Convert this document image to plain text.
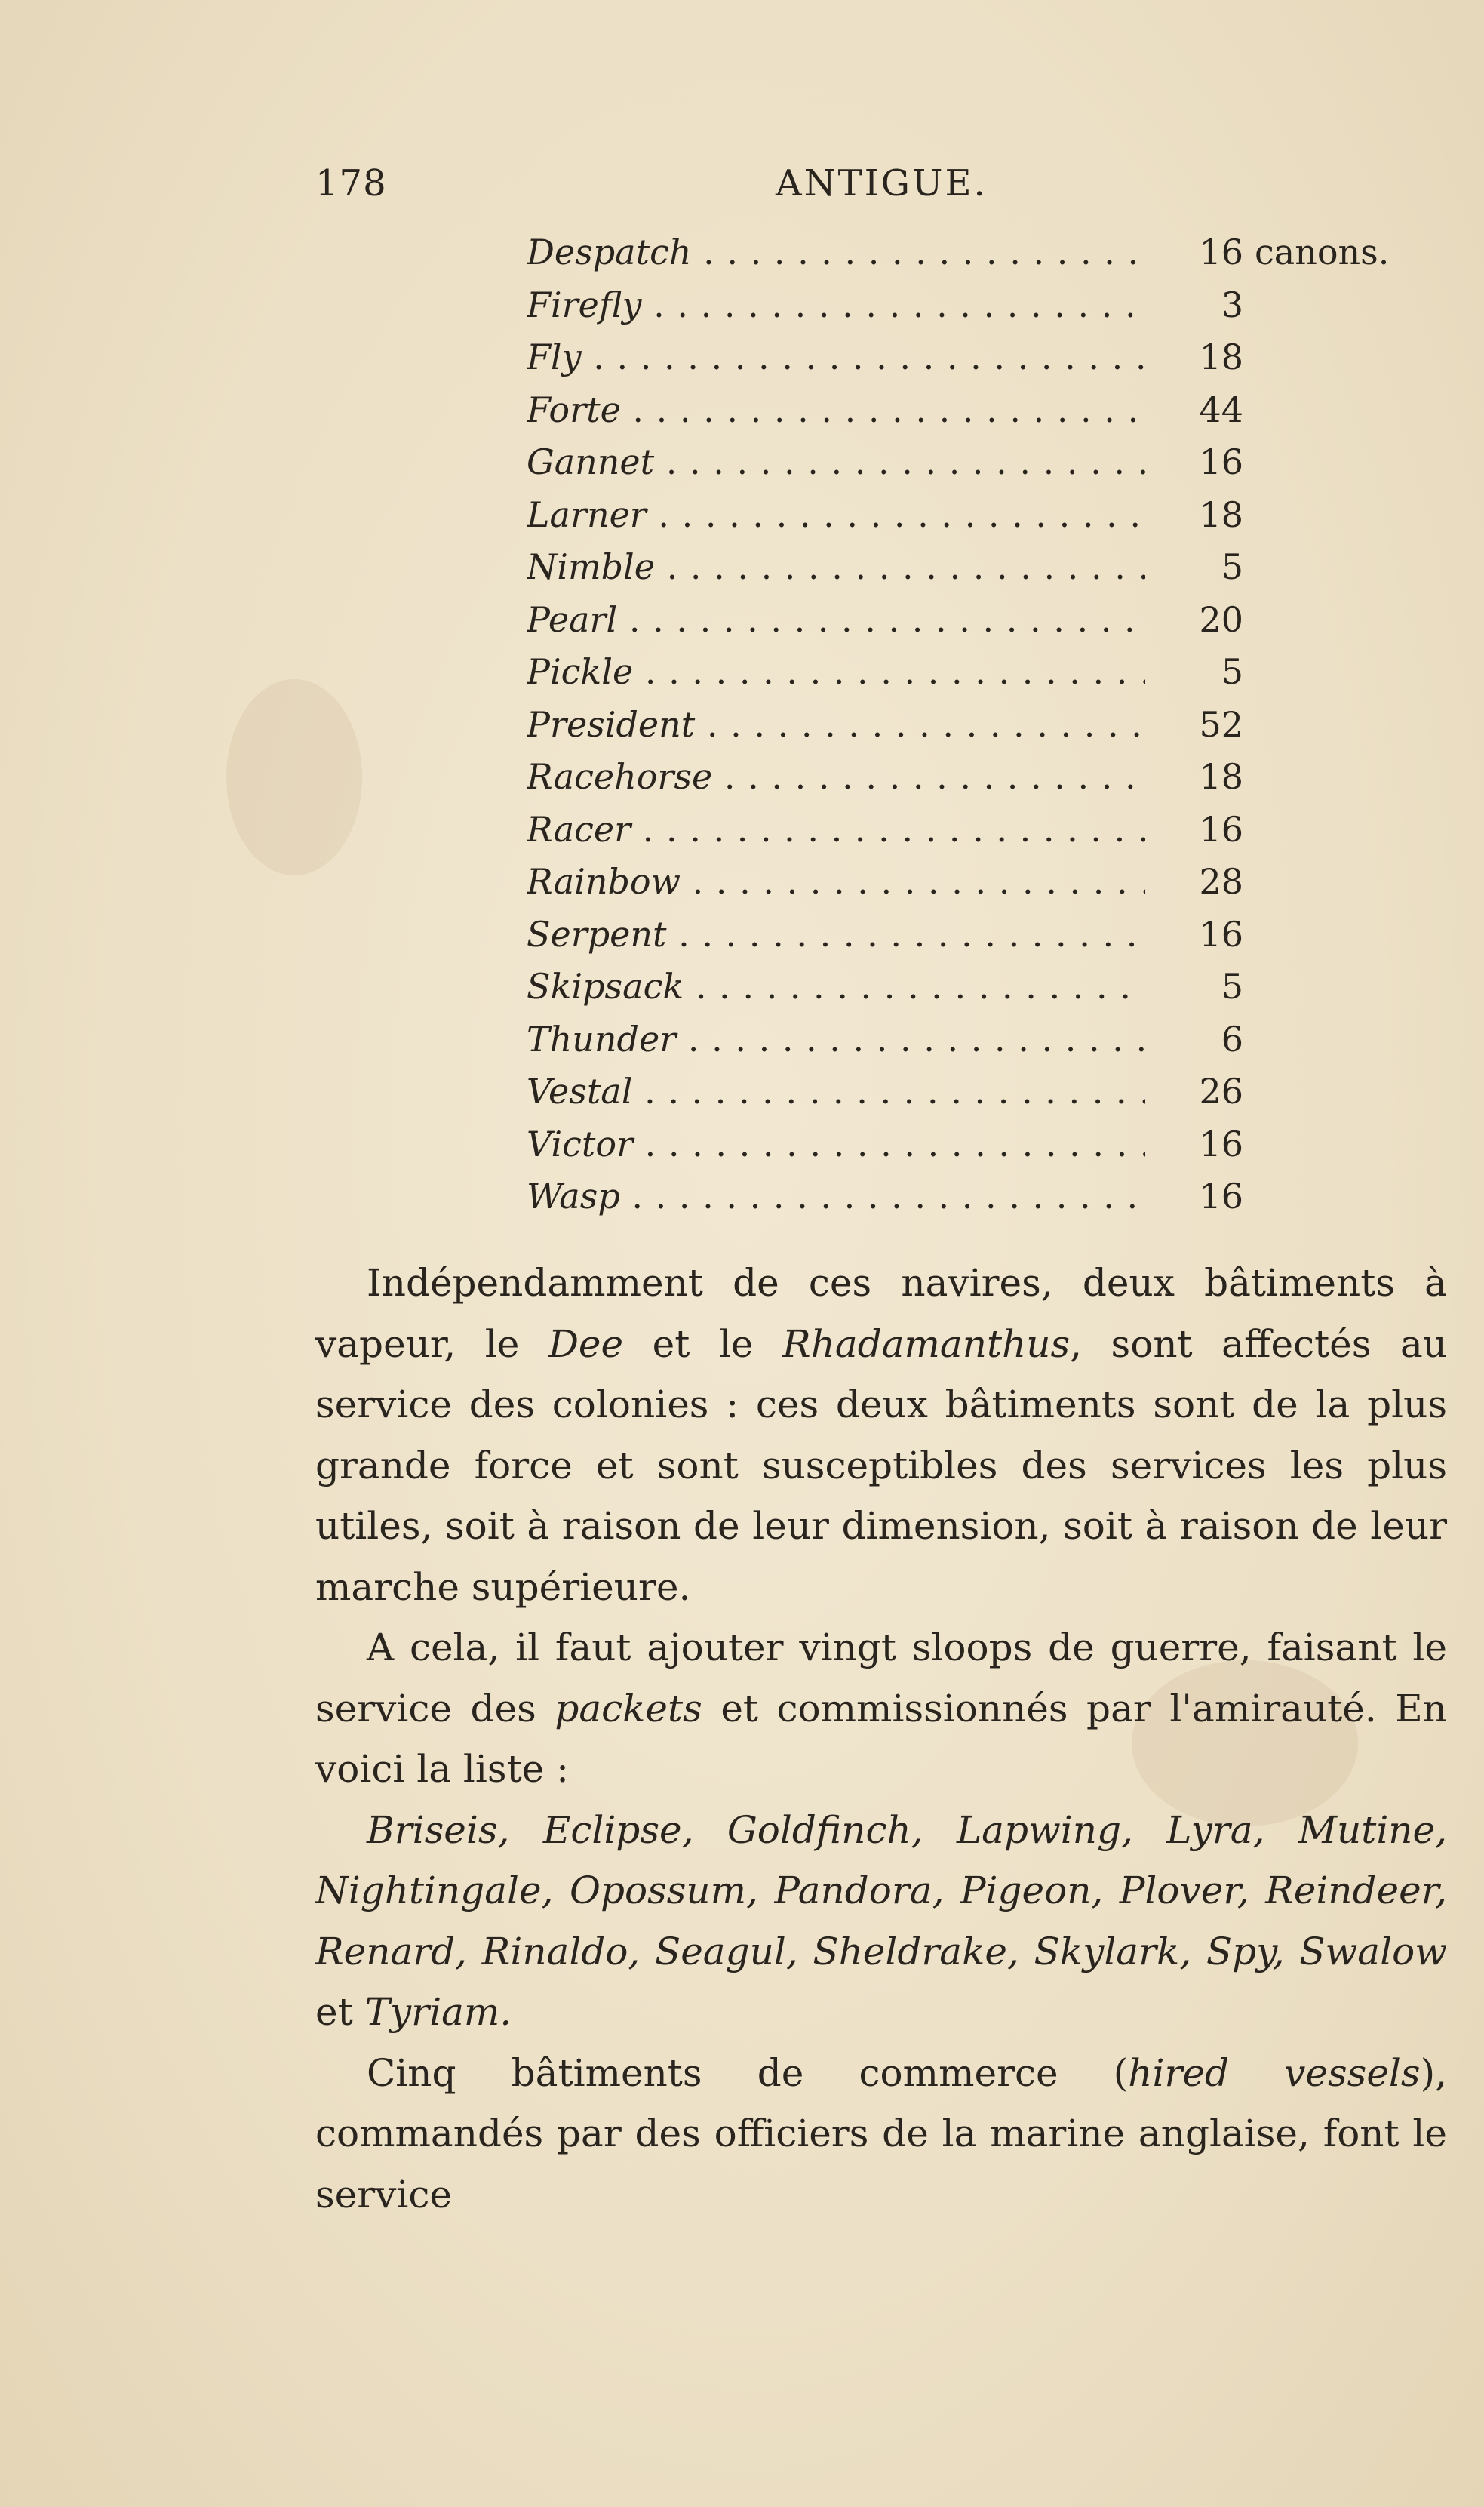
178	ANTIGUE.
Despatch . . .	16 canons.
Firefly . . .	3
Fly . . .	18
Forte . . .	44
Gannet . . .	16
Larner . . .	18
Nimble . . .	5
Pearl . . .	20
Pickle . . .	5
President . . .	52
Racehorse . . .	18
Racer . . .	16
Rainbow . . .	28
Serpent . . .	16
Skipsack . . .	5
Thunder . . .	6
Vestal . . .	26
Victor . . .	16
Wasp . . .	16

Indépendamment de ces navires, deux bâtiments à vapeur, le Dee et le Rhadamanthus, sont affectés au service des colonies : ces deux bâtiments sont de la plus grande force et sont susceptibles des services les plus utiles, soit à raison de leur dimension, soit à raison de leur marche supérieure.

A cela, il faut ajouter vingt sloops de guerre, faisant le service des packets et commissionnés par l'amirauté. En voici la liste :

Briseis, Eclipse, Goldfinch, Lapwing, Lyra, Mutine, Nightingale, Opossum, Pandora, Pigeon, Plover, Reindeer, Renard, Rinaldo, Seagul, Sheldrake, Skylark, Spy, Swalow et Tyriam.

Cinq bâtiments de commerce (hired vessels), commandés par des officiers de la marine anglaise, font le service
